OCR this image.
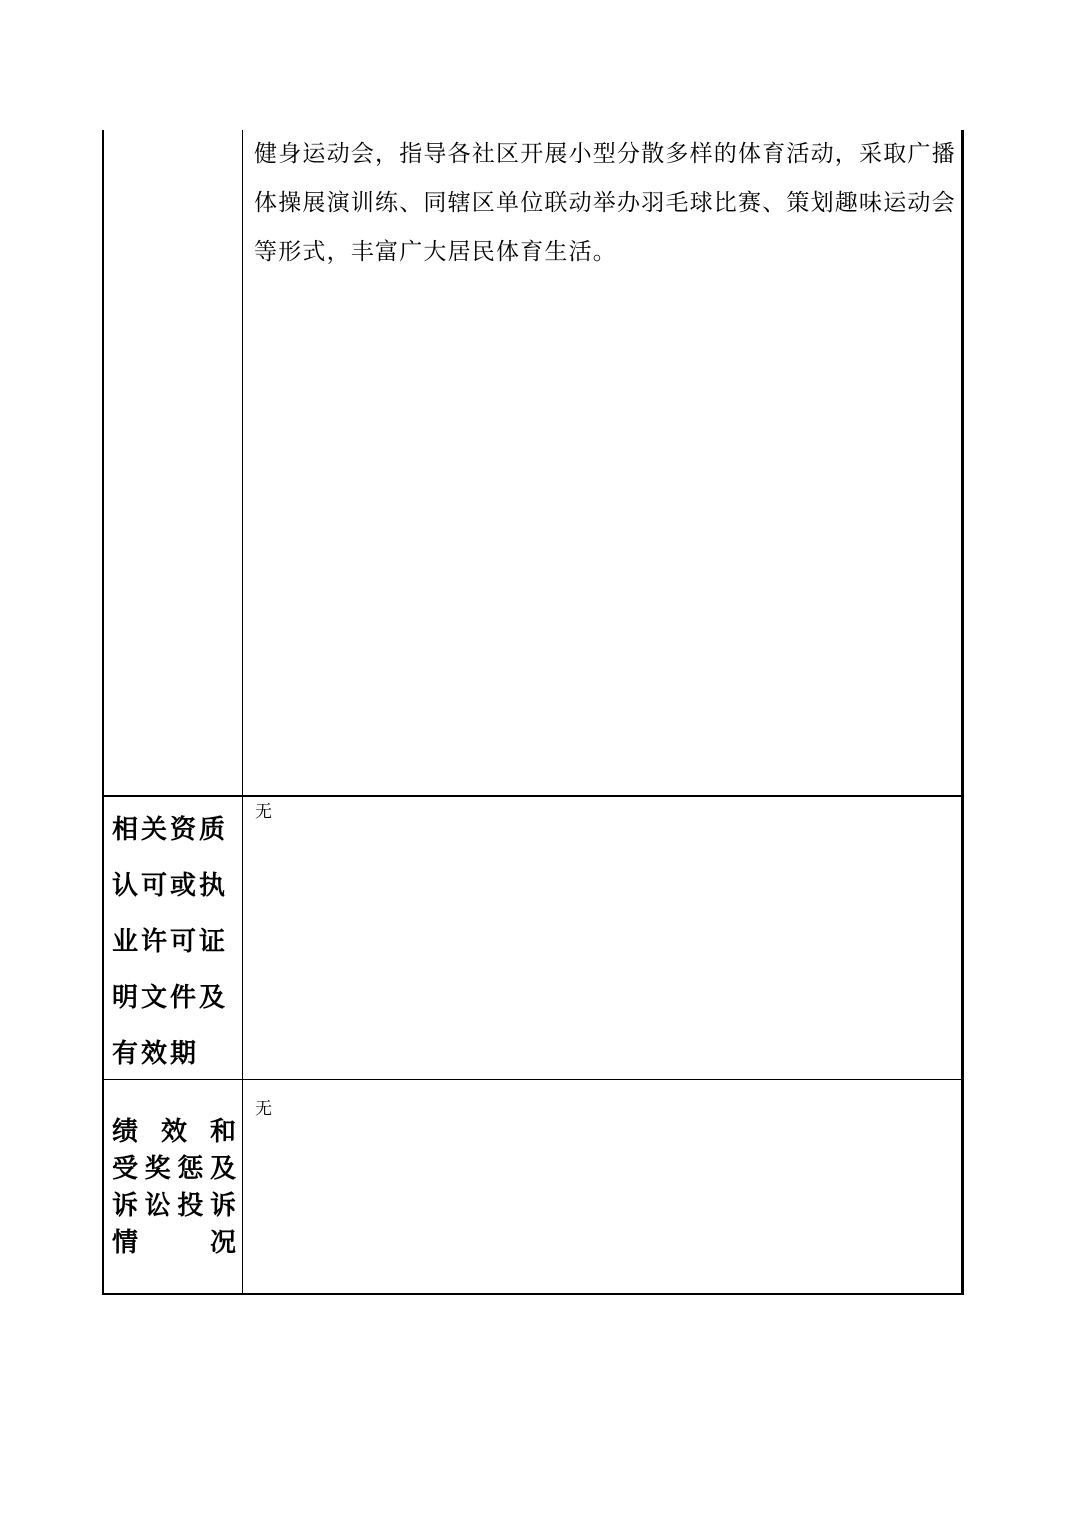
健身运动会，指导各社区开展小型分散多样的体育活动，采取广播体操展演训练、同辖区单位联动举办羽毛球比赛、策划趣味运动会等形式，丰富广大居民体育生活。
相关资质
认可或执
业许可证
明文件及
有效期
无
绩 效 和
受 奖 惩 及
诉 讼 投 诉
情	况
无
